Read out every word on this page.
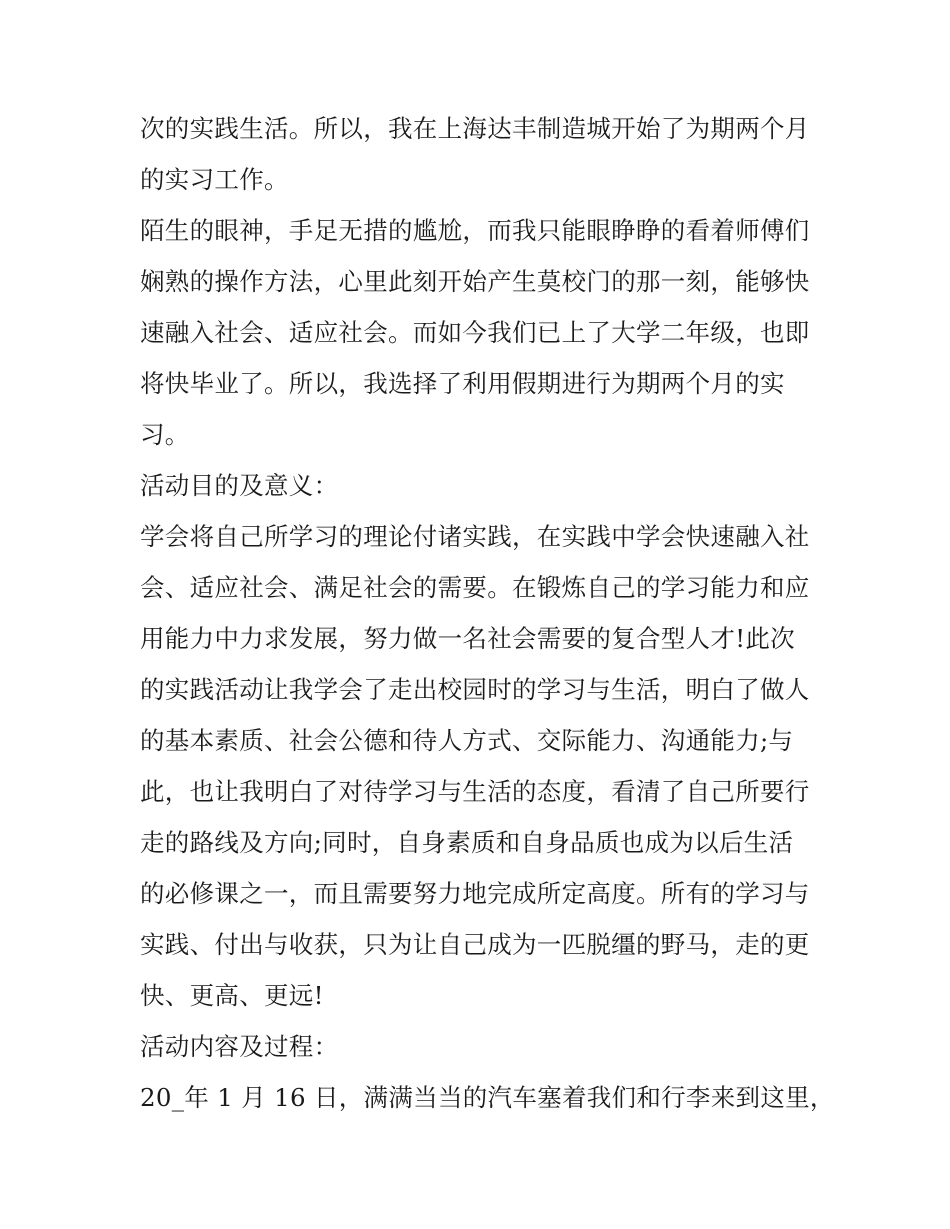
次的实践生活。所以，我在上海达丰制造城开始了为期两个月
的实习工作。
陌生的眼神，手足无措的尴尬，而我只能眼睁睁的看着师傅们
娴熟的操作方法，心里此刻开始产生莫校门的那一刻，能够快
速融入社会、适应社会。而如今我们已上了大学二年级，也即
将快毕业了。所以，我选择了利用假期进行为期两个月的实
习。
活动目的及意义：
学会将自己所学习的理论付诸实践，在实践中学会快速融入社
会、适应社会、满足社会的需要。在锻炼自己的学习能力和应
用能力中力求发展，努力做一名社会需要的复合型人才!此次
的实践活动让我学会了走出校园时的学习与生活，明白了做人
的基本素质、社会公德和待人方式、交际能力、沟通能力;与
此，也让我明白了对待学习与生活的态度，看清了自己所要行
走的路线及方向;同时，自身素质和自身品质也成为以后生活
的必修课之一，而且需要努力地完成所定高度。所有的学习与
实践、付出与收获，只为让自己成为一匹脱缰的野马，走的更
快、更高、更远!
活动内容及过程：
20_年 1 月 16 日，满满当当的汽车塞着我们和行李来到这里，
